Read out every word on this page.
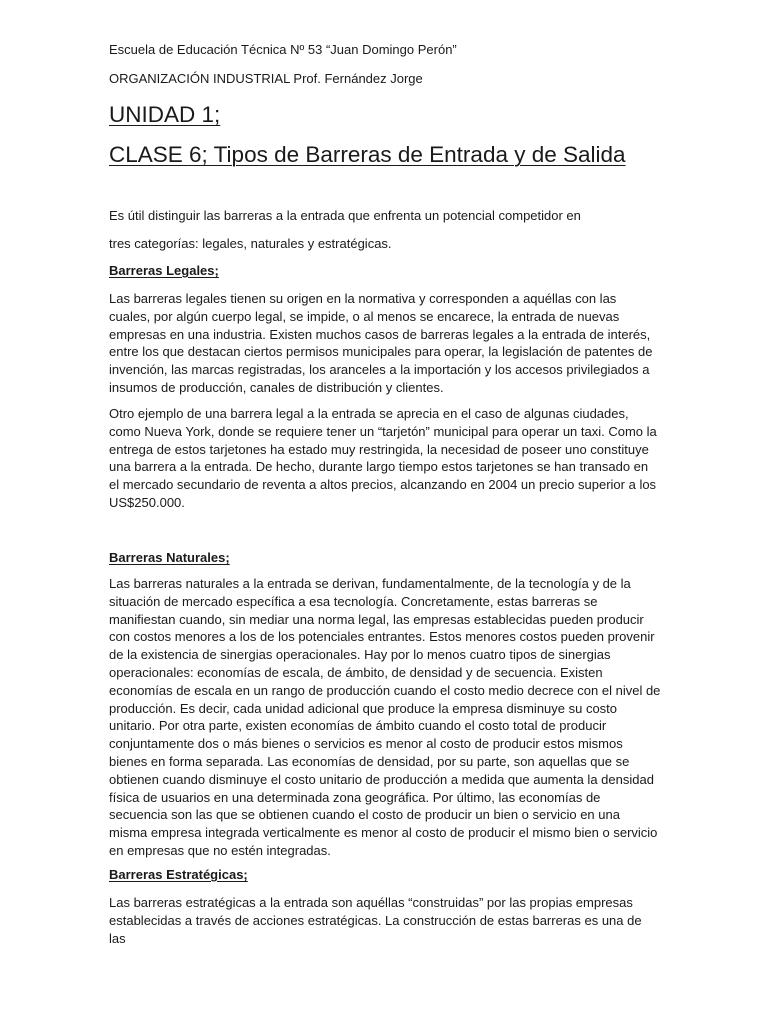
Escuela de Educación Técnica Nº 53 “Juan Domingo Perón”
ORGANIZACIÓN INDUSTRIAL Prof. Fernández Jorge
UNIDAD 1;
CLASE 6; Tipos de Barreras de Entrada y de Salida
Es útil distinguir las barreras a la entrada que enfrenta un potencial competidor en
tres categorías: legales, naturales y estratégicas.
Barreras Legales;
Las barreras legales tienen su origen en la normativa y corresponden a aquéllas con las cuales, por algún cuerpo legal, se impide, o al menos se encarece, la entrada de nuevas empresas en una industria. Existen muchos casos de barreras legales a la entrada de interés, entre los que destacan ciertos permisos municipales para operar, la legislación de patentes de invención, las marcas registradas, los aranceles a la importación y los accesos privilegiados a insumos de producción, canales de distribución y clientes.
Otro ejemplo de una barrera legal a la entrada se aprecia en el caso de algunas ciudades, como Nueva York, donde se requiere tener un “tarjetón” municipal para operar un taxi. Como la entrega de estos tarjetones ha estado muy restringida, la necesidad de poseer uno constituye una barrera a la entrada. De hecho, durante largo tiempo estos tarjetones se han transado en el mercado secundario de reventa a altos precios, alcanzando en 2004 un precio superior a los US$250.000.
Barreras Naturales;
Las barreras naturales a la entrada se derivan, fundamentalmente, de la tecnología y de la situación de mercado específica a esa tecnología. Concretamente, estas barreras se manifiestan cuando, sin mediar una norma legal, las empresas establecidas pueden producir con costos menores a los de los potenciales entrantes. Estos menores costos pueden provenir de la existencia de sinergias operacionales. Hay por lo menos cuatro tipos de sinergias operacionales: economías de escala, de ámbito, de densidad y de secuencia. Existen economías de escala en un rango de producción cuando el costo medio decrece con el nivel de producción. Es decir, cada unidad adicional que produce la empresa disminuye su costo unitario. Por otra parte, existen economías de ámbito cuando el costo total de producir conjuntamente dos o más bienes o servicios es menor al costo de producir estos mismos bienes en forma separada. Las economías de densidad, por su parte, son aquellas que se obtienen cuando disminuye el costo unitario de producción a medida que aumenta la densidad física de usuarios en una determinada zona geográfica. Por último, las economías de secuencia son las que se obtienen cuando el costo de producir un bien o servicio en una misma empresa integrada verticalmente es menor al costo de producir el mismo bien o servicio en empresas que no estén integradas.
Barreras Estratégicas;
Las barreras estratégicas a la entrada son aquéllas “construidas” por las propias empresas establecidas a través de acciones estratégicas. La construcción de estas barreras es una de las
